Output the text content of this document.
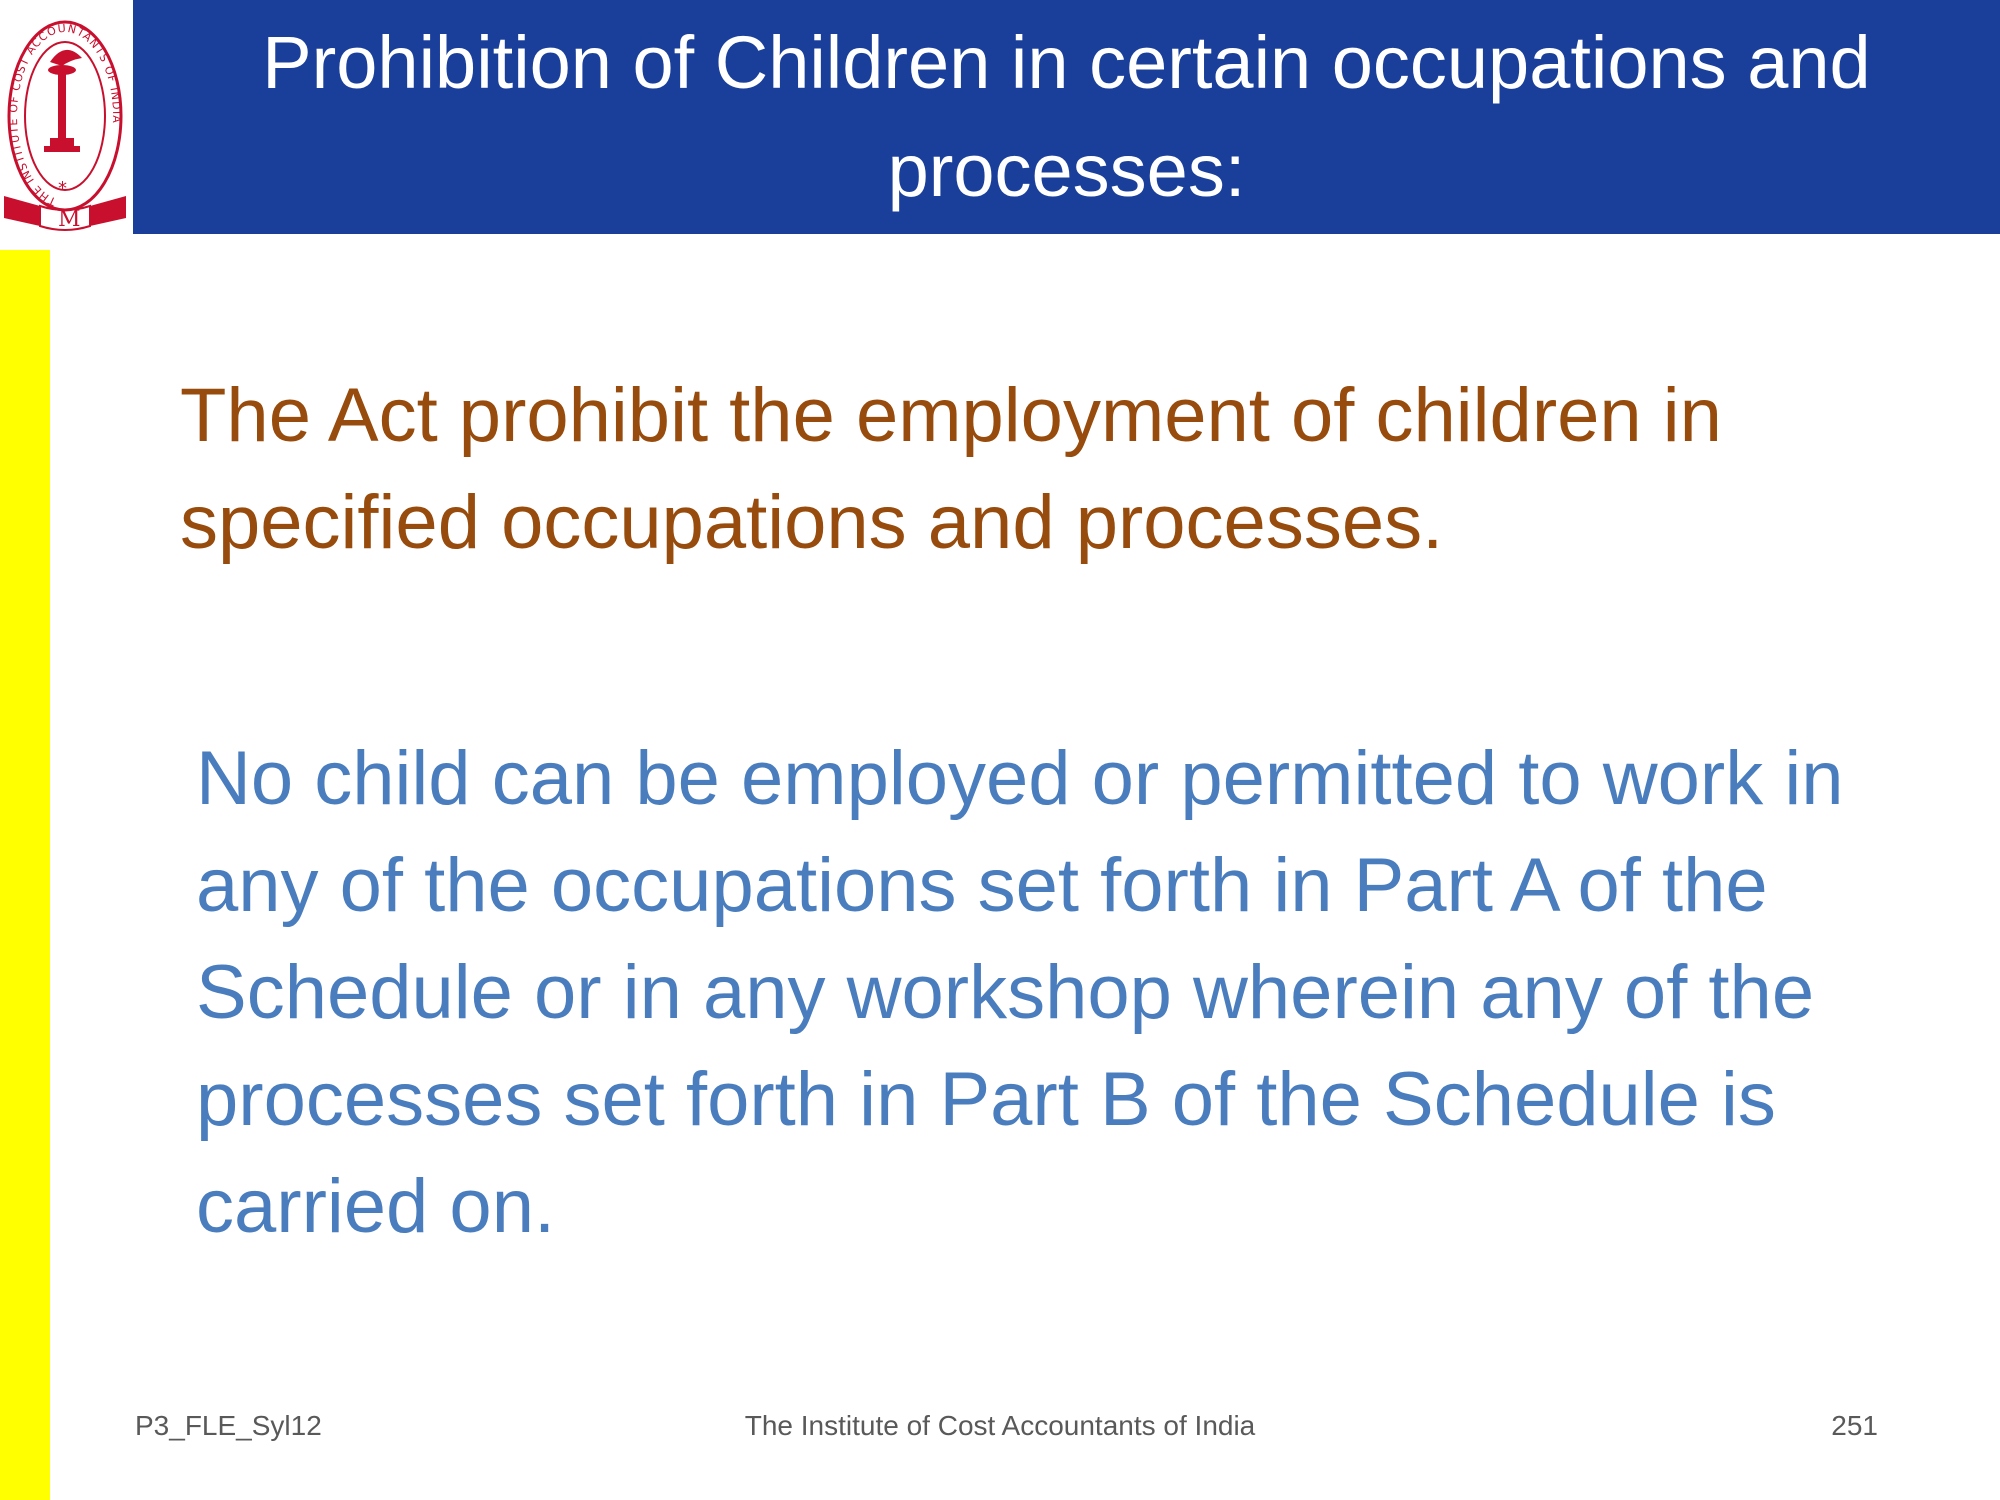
THE INSTITUTE OF COST ACCOUNTANTS OF INDIA
*
M
Prohibition of Children in certain occupations and processes:

The Act prohibit the employment of children in specified occupations and processes.

No child can be employed or permitted to work in any of the occupations set forth in Part A of the Schedule or in any workshop wherein any of the processes set forth in Part B of the Schedule is carried on.

P3_FLE_Syl12	The Institute of Cost Accountants of India	251
